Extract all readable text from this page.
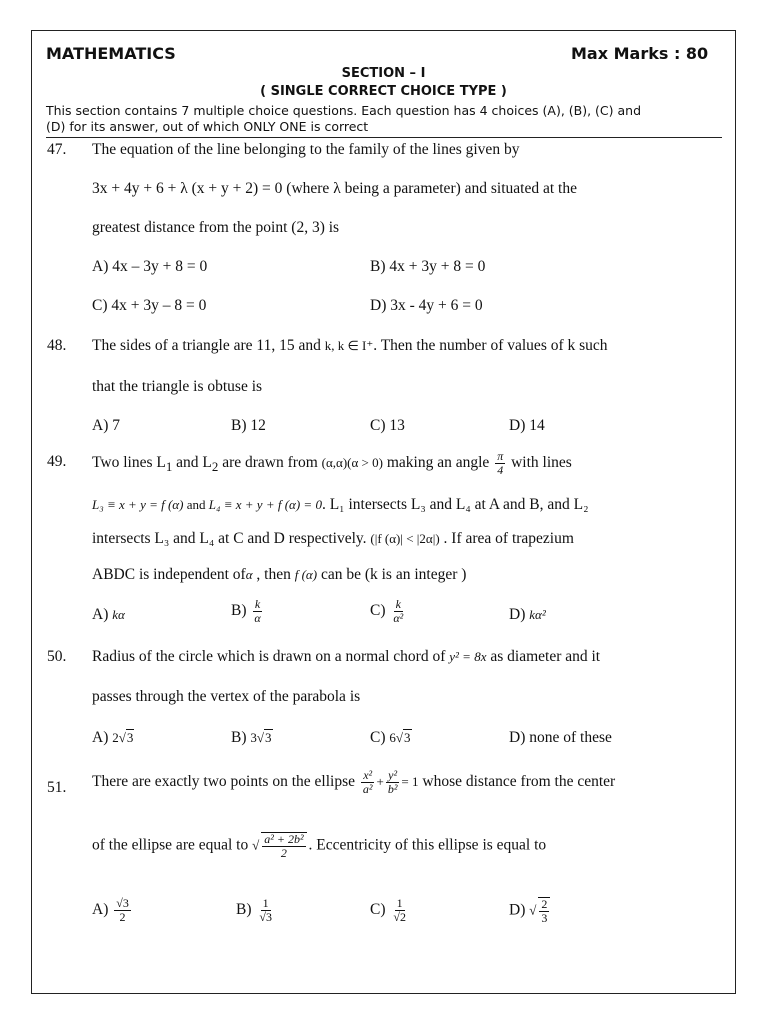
MATHEMATICS	Max Marks : 80
SECTION – I
( SINGLE CORRECT CHOICE TYPE )
This section contains 7 multiple choice questions. Each question has 4 choices (A), (B), (C) and
(D) for its answer, out of which ONLY ONE is correct
47. The equation of the line belonging to the family of the lines given by
3x + 4y + 6 + λ (x + y + 2) = 0 (where λ being a parameter) and situated at the
greatest distance from the point (2, 3) is
A) 4x – 3y + 8 = 0	B) 4x + 3y + 8 = 0
C) 4x + 3y – 8 = 0	D) 3x - 4y + 6 = 0
48. The sides of a triangle are 11, 15 and k, k ∈ I⁺. Then the number of values of k such
that the triangle is obtuse is
A) 7	B) 12	C) 13	D) 14
49. Two lines $L_1$ and $L_2$ are drawn from (α,α)(α > 0) making an angle $\frac{\pi}{4}$ with lines
L₃ ≡ x + y = f (α) and L₄ ≡ x + y + f (α) = 0. L₁ intersects L₃ and L₄ at A and B, and L₂
intersects L₃ and L₄ at C and D respectively. (|f (α)| < |2α|) . If area of trapezium
ABDC is independent ofα , then f (α) can be (k is an integer )
A) kα	$B) \frac{k}{\alpha}$	$C) \frac{k}{\text{α²}}$	D) kα²
50. Radius of the circle which is drawn on a normal chord of y² = 8x as diameter and it
passes through the vertex of the parabola is
A) 2√3	B) 3√3	C) 6√3	D) none of these
51. There are exactly two points on the ellipse $\frac{\text{x²}}{\text{a²}} + \frac{\text{y²}}{\text{b²}} = 1$ whose distance from the center
of the ellipse are equal to √ $\frac{\text{a² + 2b²}}{2}$ . Eccentricity of this ellipse is equal to
$A) \frac{√3}{2}$	$B) \frac{1}{√3}$	$C) \frac{1}{√2}$	D) √ $\frac{2}{3}$
